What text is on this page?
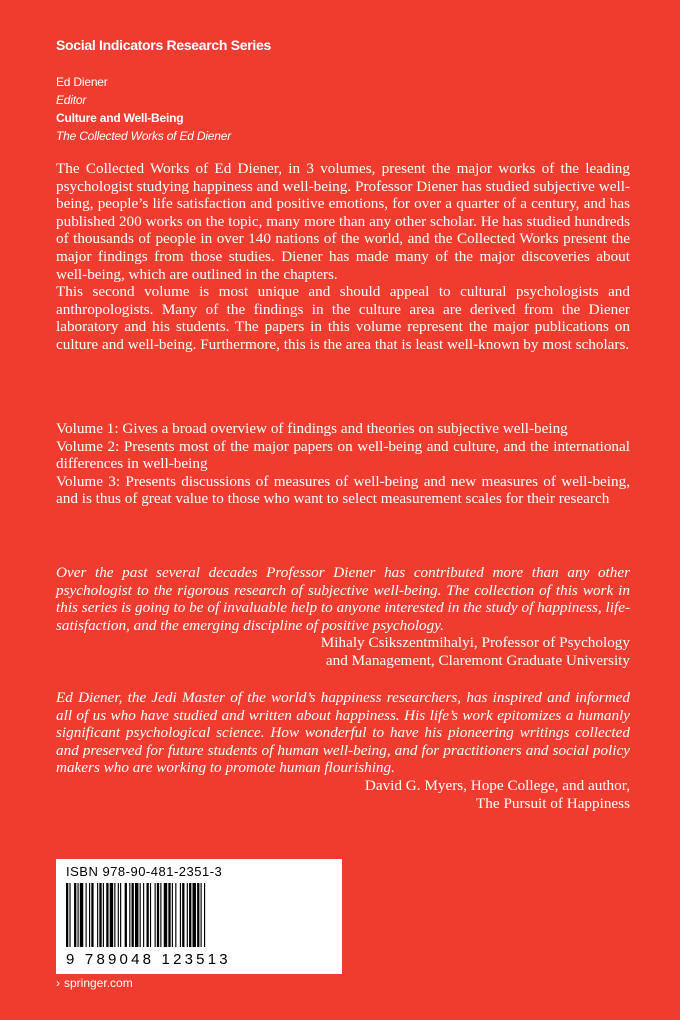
Social Indicators Research Series
Ed Diener
Editor
Culture and Well-Being
The Collected Works of Ed Diener

The Collected Works of Ed Diener, in 3 volumes, present the major works of the leading psychologist studying happiness and well-being. Professor Diener has studied subjective well-being, people’s life satisfaction and positive emotions, for over a quarter of a century, and has published 200 works on the topic, many more than any other scholar. He has studied hundreds of thousands of people in over 140 nations of the world, and the Collected Works present the major findings from those studies. Diener has made many of the major discoveries about well-being, which are outlined in the chapters.

This second volume is most unique and should appeal to cultural psychologists and anthropologists. Many of the findings in the culture area are derived from the Diener laboratory and his students. The papers in this volume represent the major publications on culture and well-being. Furthermore, this is the area that is least well-known by most scholars.

Volume 1: Gives a broad overview of findings and theories on subjective well-being

Volume 2: Presents most of the major papers on well-being and culture, and the international differences in well-being

Volume 3: Presents discussions of measures of well-being and new measures of well-being, and is thus of great value to those who want to select measurement scales for their research

Over the past several decades Professor Diener has contributed more than any other psychologist to the rigorous research of subjective well-being. The collection of this work in this series is going to be of invaluable help to anyone interested in the study of happiness, life-satisfaction, and the emerging discipline of positive psychology.

Mihaly Csikszentmihalyi, Professor of Psychology

and Management, Claremont Graduate University

Ed Diener, the Jedi Master of the world’s happiness researchers, has inspired and informed all of us who have studied and written about happiness. His life’s work epitomizes a humanly significant psychological science. How wonderful to have his pioneering writings collected and preserved for future students of human well-being, and for practitioners and social policy makers who are working to promote human flourishing.

David G. Myers, Hope College, and author,

The Pursuit of Happiness

ISBN 978-90-481-2351-3
9 789048 123513
› springer.com
